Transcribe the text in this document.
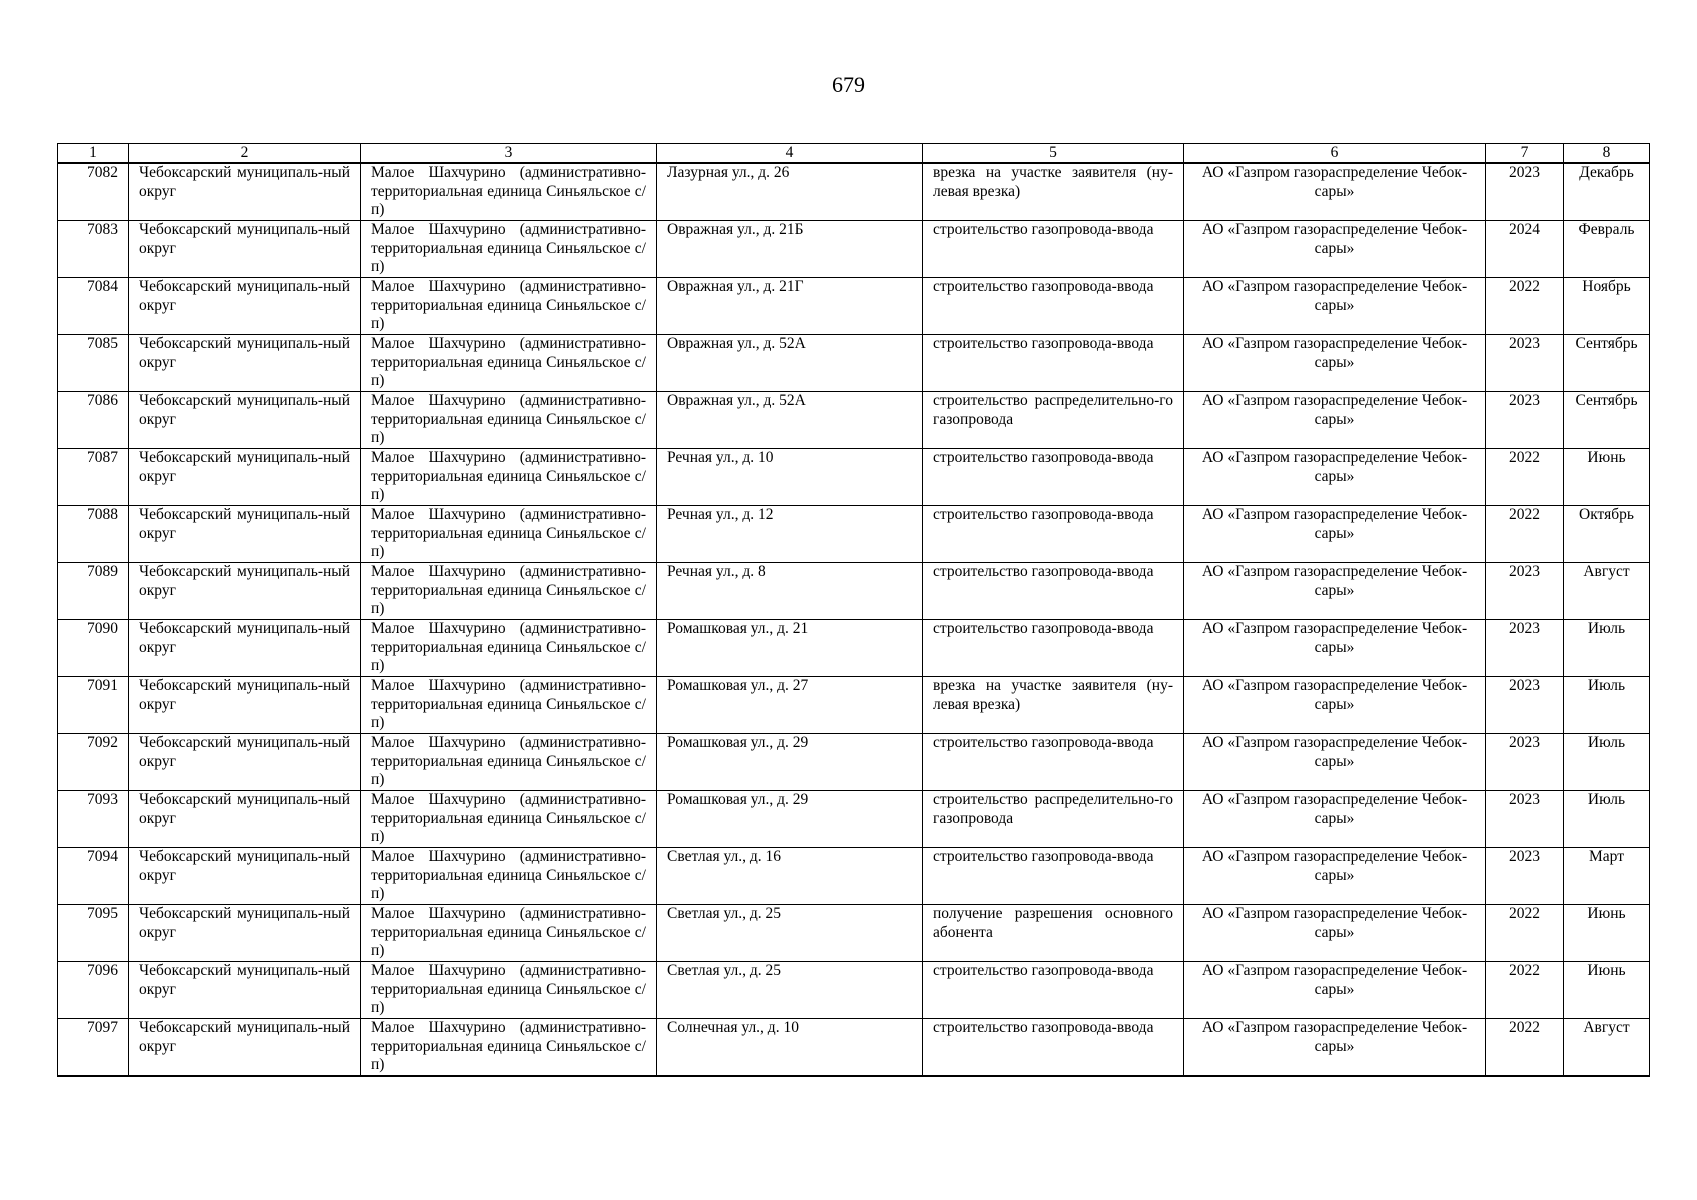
679
1	2	3	4	5	6	7	8
7082	Чебоксарский муниципаль-ный округ	Малое Шахчурино (административно-территориальная единица Синьяльское с/п)	Лазурная ул., д. 26	врезка на участке заявителя (ну-левая врезка)	АО «Газпром газораспределение Чебок-сары»	2023	Декабрь
7083	Чебоксарский муниципаль-ный округ	Малое Шахчурино (административно-территориальная единица Синьяльское с/п)	Овражная ул., д. 21Б	строительство газопровода-ввода	АО «Газпром газораспределение Чебок-сары»	2024	Февраль
7084	Чебоксарский муниципаль-ный округ	Малое Шахчурино (административно-территориальная единица Синьяльское с/п)	Овражная ул., д. 21Г	строительство газопровода-ввода	АО «Газпром газораспределение Чебок-сары»	2022	Ноябрь
7085	Чебоксарский муниципаль-ный округ	Малое Шахчурино (административно-территориальная единица Синьяльское с/п)	Овражная ул., д. 52А	строительство газопровода-ввода	АО «Газпром газораспределение Чебок-сары»	2023	Сентябрь
7086	Чебоксарский муниципаль-ный округ	Малое Шахчурино (административно-территориальная единица Синьяльское с/п)	Овражная ул., д. 52А	строительство распределительно-го газопровода	АО «Газпром газораспределение Чебок-сары»	2023	Сентябрь
7087	Чебоксарский муниципаль-ный округ	Малое Шахчурино (административно-территориальная единица Синьяльское с/п)	Речная ул., д. 10	строительство газопровода-ввода	АО «Газпром газораспределение Чебок-сары»	2022	Июнь
7088	Чебоксарский муниципаль-ный округ	Малое Шахчурино (административно-территориальная единица Синьяльское с/п)	Речная ул., д. 12	строительство газопровода-ввода	АО «Газпром газораспределение Чебок-сары»	2022	Октябрь
7089	Чебоксарский муниципаль-ный округ	Малое Шахчурино (административно-территориальная единица Синьяльское с/п)	Речная ул., д. 8	строительство газопровода-ввода	АО «Газпром газораспределение Чебок-сары»	2023	Август
7090	Чебоксарский муниципаль-ный округ	Малое Шахчурино (административно-территориальная единица Синьяльское с/п)	Ромашковая ул., д. 21	строительство газопровода-ввода	АО «Газпром газораспределение Чебок-сары»	2023	Июль
7091	Чебоксарский муниципаль-ный округ	Малое Шахчурино (административно-территориальная единица Синьяльское с/п)	Ромашковая ул., д. 27	врезка на участке заявителя (ну-левая врезка)	АО «Газпром газораспределение Чебок-сары»	2023	Июль
7092	Чебоксарский муниципаль-ный округ	Малое Шахчурино (административно-территориальная единица Синьяльское с/п)	Ромашковая ул., д. 29	строительство газопровода-ввода	АО «Газпром газораспределение Чебок-сары»	2023	Июль
7093	Чебоксарский муниципаль-ный округ	Малое Шахчурино (административно-территориальная единица Синьяльское с/п)	Ромашковая ул., д. 29	строительство распределительно-го газопровода	АО «Газпром газораспределение Чебок-сары»	2023	Июль
7094	Чебоксарский муниципаль-ный округ	Малое Шахчурино (административно-территориальная единица Синьяльское с/п)	Светлая ул., д. 16	строительство газопровода-ввода	АО «Газпром газораспределение Чебок-сары»	2023	Март
7095	Чебоксарский муниципаль-ный округ	Малое Шахчурино (административно-территориальная единица Синьяльское с/п)	Светлая ул., д. 25	получение разрешения основного абонента	АО «Газпром газораспределение Чебок-сары»	2022	Июнь
7096	Чебоксарский муниципаль-ный округ	Малое Шахчурино (административно-территориальная единица Синьяльское с/п)	Светлая ул., д. 25	строительство газопровода-ввода	АО «Газпром газораспределение Чебок-сары»	2022	Июнь
7097	Чебоксарский муниципаль-ный округ	Малое Шахчурино (административно-территориальная единица Синьяльское с/п)	Солнечная ул., д. 10	строительство газопровода-ввода	АО «Газпром газораспределение Чебок-сары»	2022	Август
